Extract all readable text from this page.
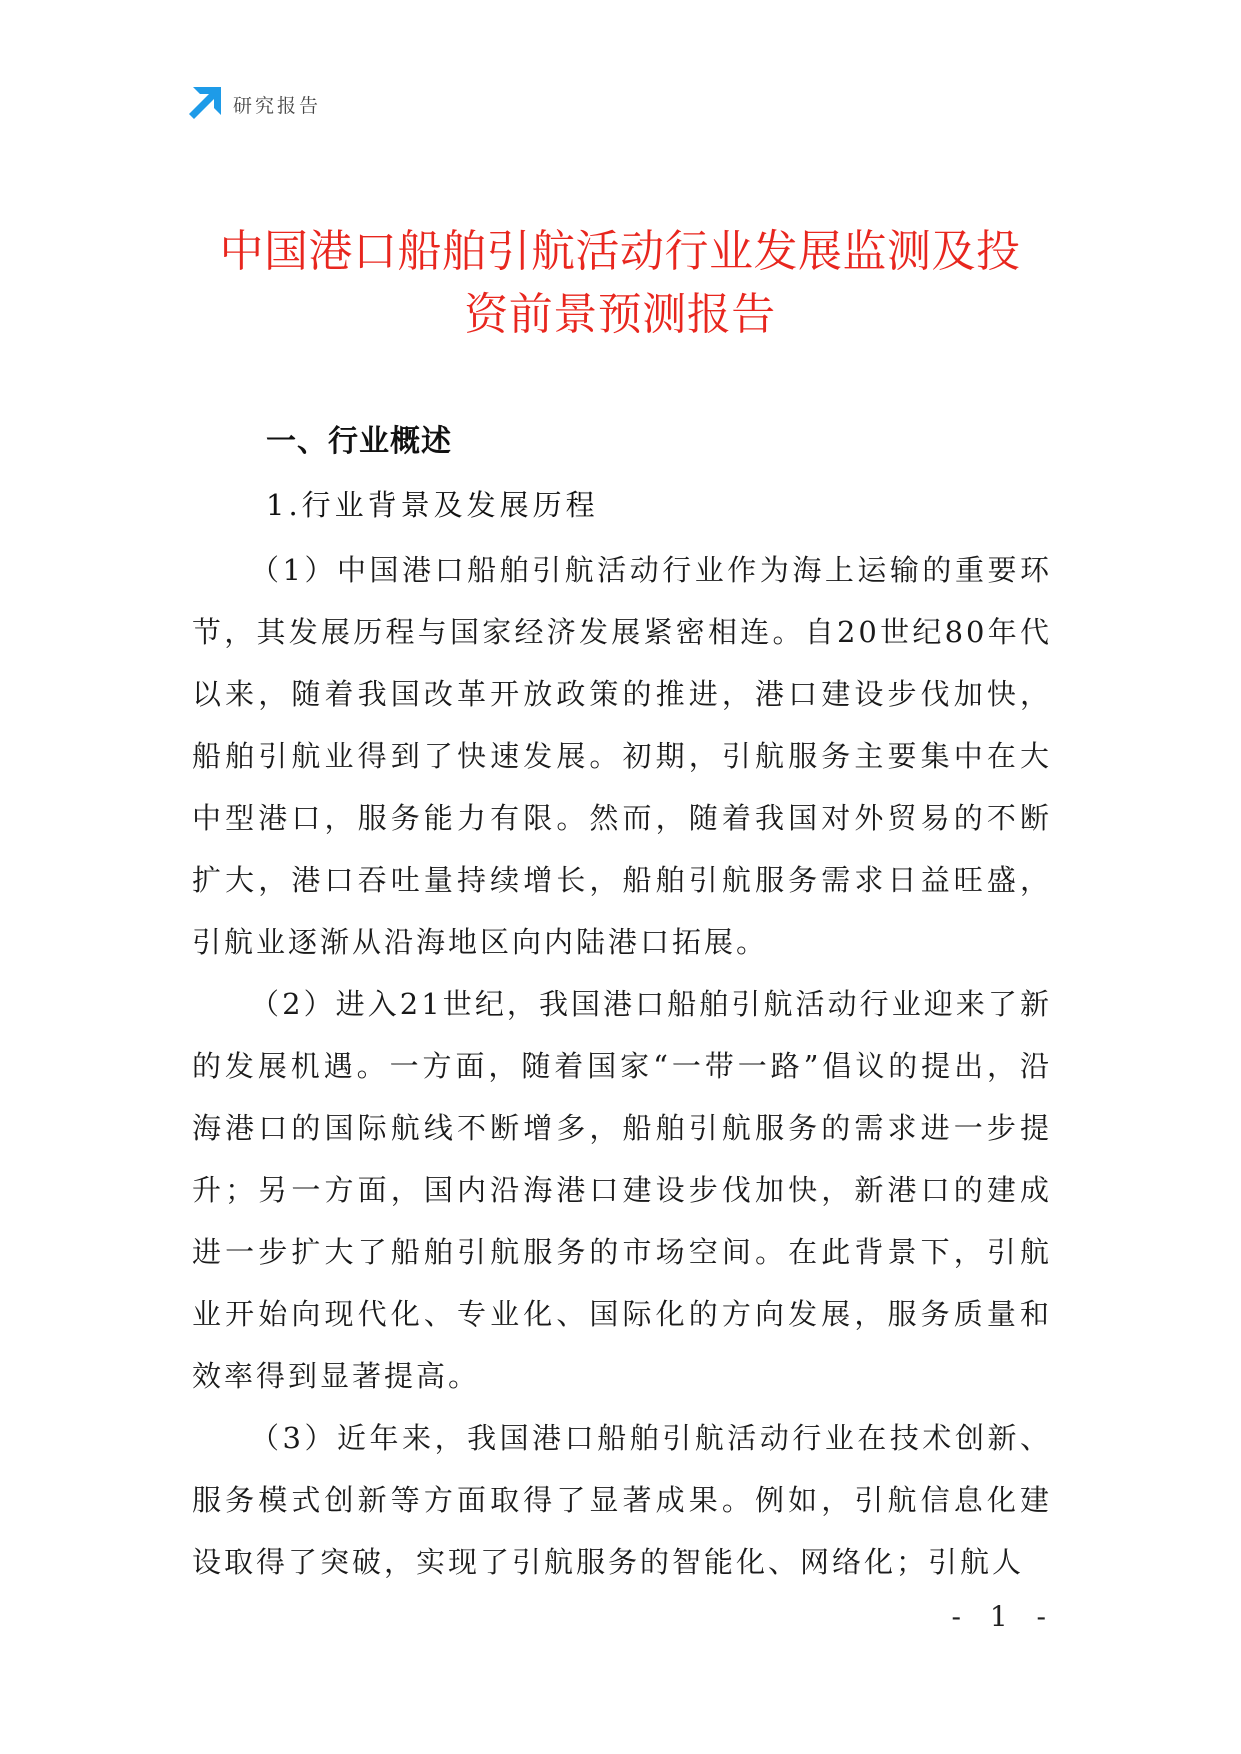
研究报告
中国港口船舶引航活动行业发展监测及投
资前景预测报告
一、行业概述
1.行业背景及发展历程

（1）中国港口船舶引航活动行业作为海上运输的重要环节，其发展历程与国家经济发展紧密相连。自20世纪80年代以来，随着我国改革开放政策的推进，港口建设步伐加快，船舶引航业得到了快速发展。初期，引航服务主要集中在大中型港口，服务能力有限。然而，随着我国对外贸易的不断扩大，港口吞吐量持续增长，船舶引航服务需求日益旺盛，引航业逐渐从沿海地区向内陆港口拓展。

（2）进入21世纪，我国港口船舶引航活动行业迎来了新的发展机遇。一方面，随着国家“一带一路”倡议的提出，沿海港口的国际航线不断增多，船舶引航服务的需求进一步提升；另一方面，国内沿海港口建设步伐加快，新港口的建成进一步扩大了船舶引航服务的市场空间。在此背景下，引航业开始向现代化、专业化、国际化的方向发展，服务质量和效率得到显著提高。

（3）近年来，我国港口船舶引航活动行业在技术创新、服务模式创新等方面取得了显著成果。例如，引航信息化建设取得了突破，实现了引航服务的智能化、网络化；引航人

- 1 -
